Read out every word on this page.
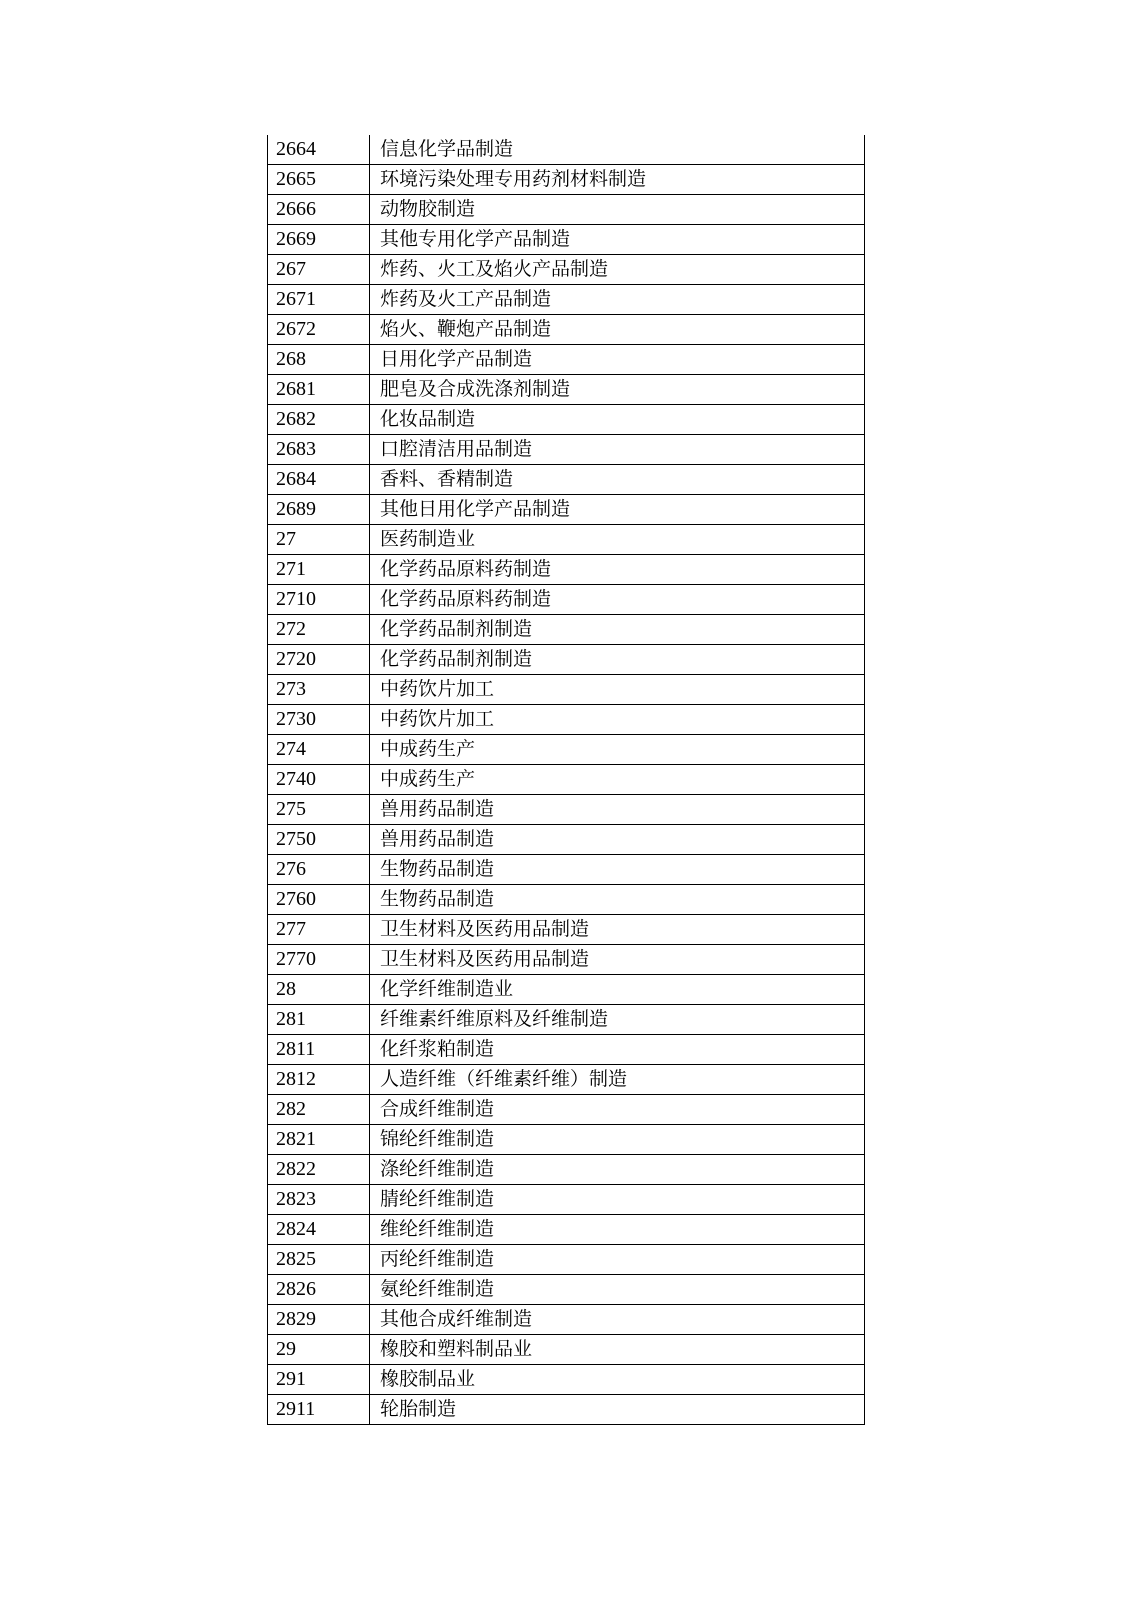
2664	信息化学品制造
2665	环境污染处理专用药剂材料制造
2666	动物胶制造
2669	其他专用化学产品制造
267	炸药、火工及焰火产品制造
2671	炸药及火工产品制造
2672	焰火、鞭炮产品制造
268	日用化学产品制造
2681	肥皂及合成洗涤剂制造
2682	化妆品制造
2683	口腔清洁用品制造
2684	香料、香精制造
2689	其他日用化学产品制造
27	医药制造业
271	化学药品原料药制造
2710	化学药品原料药制造
272	化学药品制剂制造
2720	化学药品制剂制造
273	中药饮片加工
2730	中药饮片加工
274	中成药生产
2740	中成药生产
275	兽用药品制造
2750	兽用药品制造
276	生物药品制造
2760	生物药品制造
277	卫生材料及医药用品制造
2770	卫生材料及医药用品制造
28	化学纤维制造业
281	纤维素纤维原料及纤维制造
2811	化纤浆粕制造
2812	人造纤维（纤维素纤维）制造
282	合成纤维制造
2821	锦纶纤维制造
2822	涤纶纤维制造
2823	腈纶纤维制造
2824	维纶纤维制造
2825	丙纶纤维制造
2826	氨纶纤维制造
2829	其他合成纤维制造
29	橡胶和塑料制品业
291	橡胶制品业
2911	轮胎制造
